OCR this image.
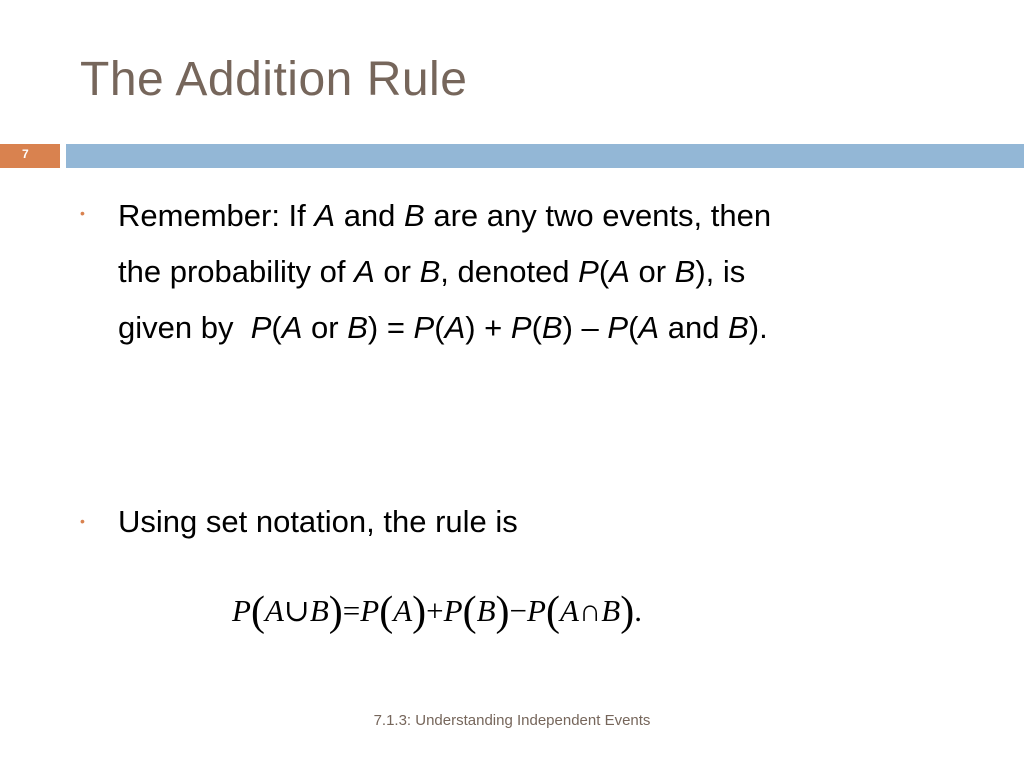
The Addition Rule
7
• Remember: If A and B are any two events, then
the probability of A or B, denoted P(A or B), is
given by  P(A or B) = P(A) + P(B) – P(A and B).
• Using set notation, the rule is
P(A∪B)=P(A)+P(B)−P(A∩B).
7.1.3: Understanding Independent Events
